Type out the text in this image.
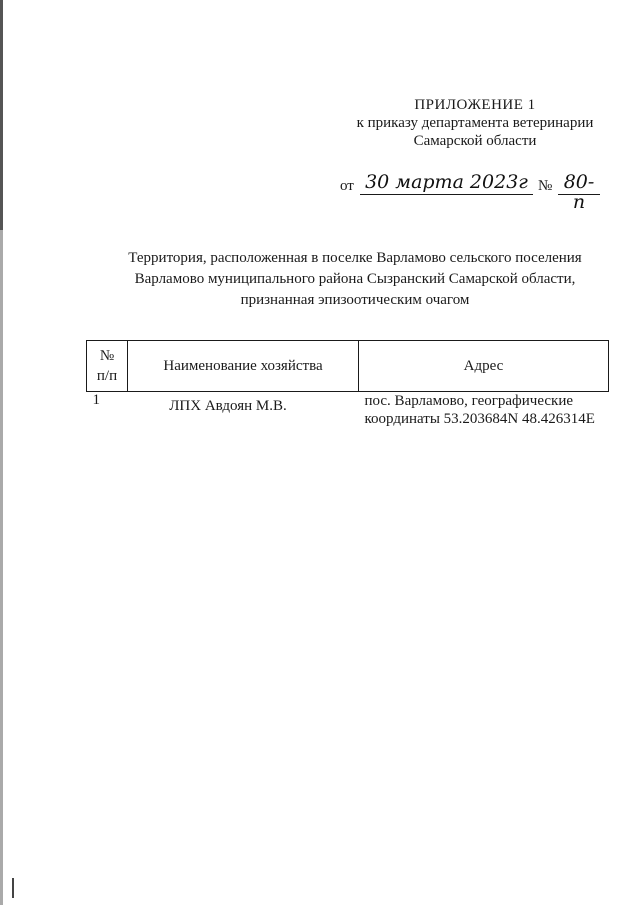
ПРИЛОЖЕНИЕ 1
к приказу департамента ветеринарии
Самарской области
от 30 марта 2023г № 80-п
Территория, расположенная в поселке Варламово сельского поселения
Варламово муниципального района Сызранский Самарской области,
признанная эпизоотическим очагом
№
п/п	Наименование хозяйства	Адрес
1	ЛПХ Авдоян М.В.	пос. Варламово, географические
координаты 53.203684N 48.426314E
